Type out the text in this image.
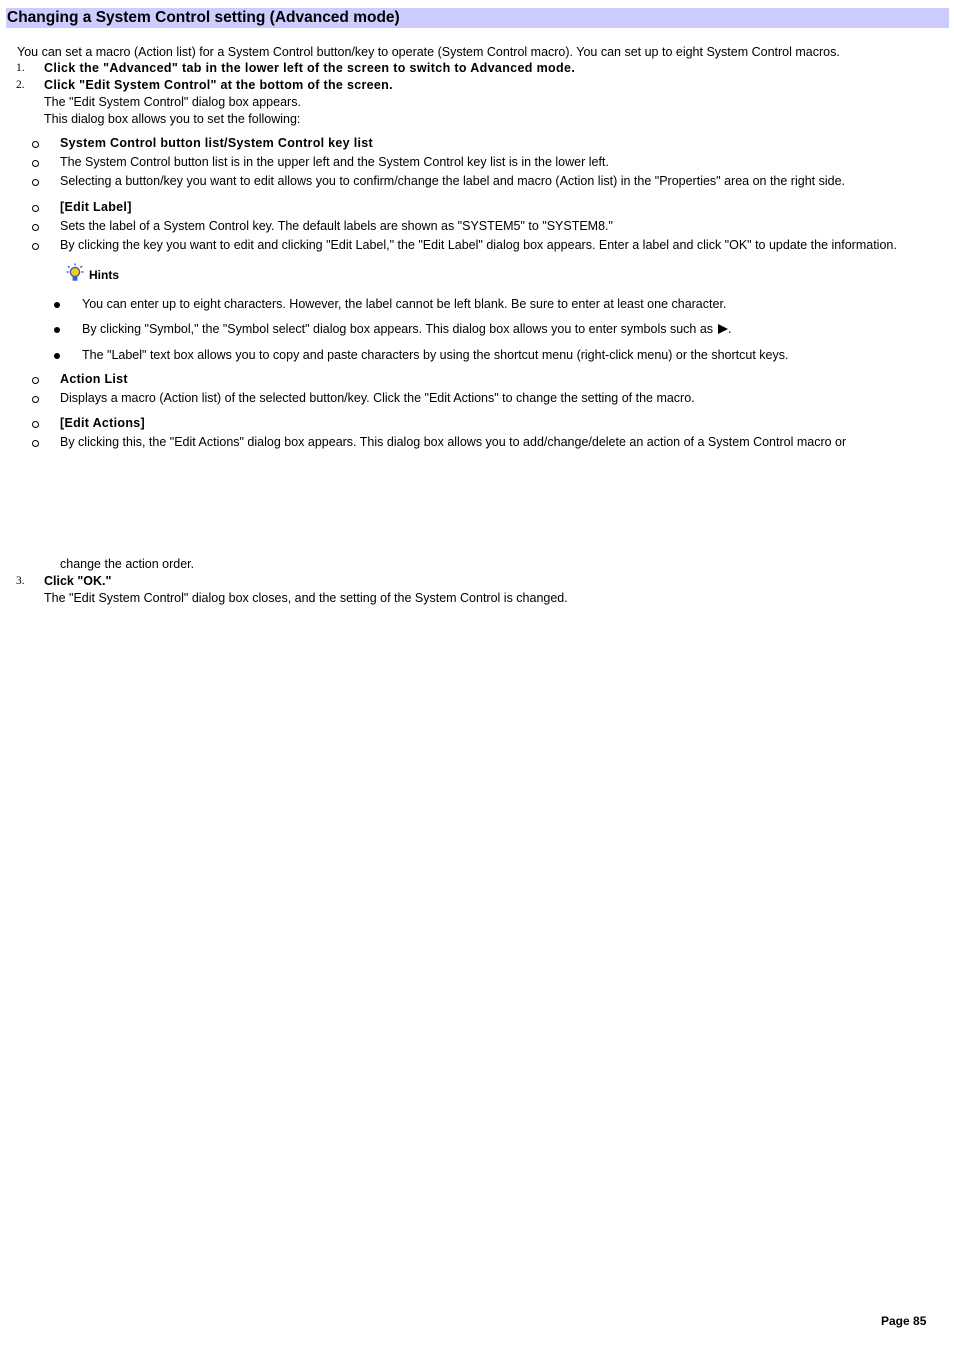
Changing a System Control setting (Advanced mode)
You can set a macro (Action list) for a System Control button/key to operate (System Control macro). You can set up to eight System Control macros.
1. Click the "Advanced" tab in the lower left of the screen to switch to Advanced mode.
2. Click "Edit System Control" at the bottom of the screen.
The "Edit System Control" dialog box appears.
This dialog box allows you to set the following:
System Control button list/System Control key list
The System Control button list is in the upper left and the System Control key list is in the lower left.
Selecting a button/key you want to edit allows you to confirm/change the label and macro (Action list) in the "Properties" area on the right side.
[Edit Label]
Sets the label of a System Control key. The default labels are shown as "SYSTEM5" to "SYSTEM8."
By clicking the key you want to edit and clicking "Edit Label," the "Edit Label" dialog box appears. Enter a label and click "OK" to update the information.
Hints
You can enter up to eight characters. However, the label cannot be left blank. Be sure to enter at least one character.
By clicking "Symbol," the "Symbol select" dialog box appears. This dialog box allows you to enter symbols such as .
The "Label" text box allows you to copy and paste characters by using the shortcut menu (right-click menu) or the shortcut keys.
Action List
Displays a macro (Action list) of the selected button/key. Click the "Edit Actions" to change the setting of the macro.
[Edit Actions]
By clicking this, the "Edit Actions" dialog box appears. This dialog box allows you to add/change/delete an action of a System Control macro or
change the action order.
3. Click "OK."
The "Edit System Control" dialog box closes, and the setting of the System Control is changed.
Page 85
